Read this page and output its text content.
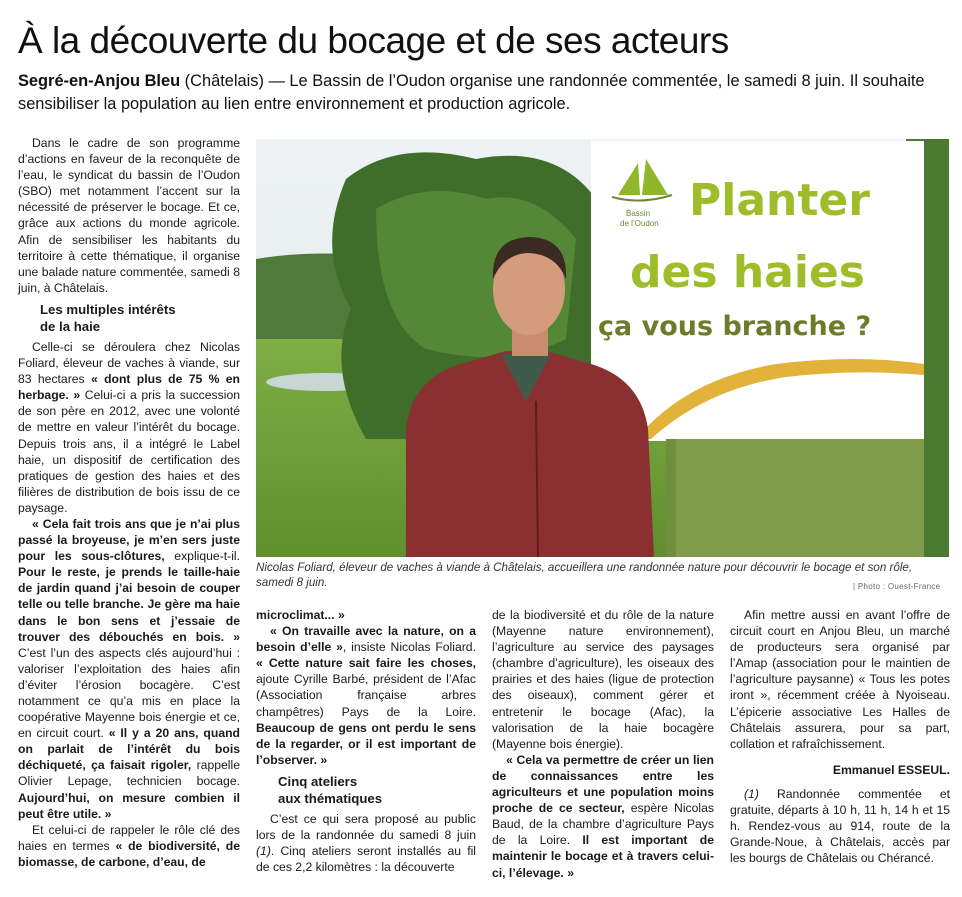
À la découverte du bocage et de ses acteurs

Segré-en-Anjou Bleu (Châtelais) — Le Bassin de l’Oudon organise une randonnée commentée, le samedi 8 juin. Il souhaite sensibiliser la population au lien entre environnement et production agricole.

Dans le cadre de son programme d’actions en faveur de la reconquête de l’eau, le syndicat du bassin de l’Oudon (SBO) met notamment l’accent sur la nécessité de préserver le bocage. Et ce, grâce aux actions du monde agricole. Afin de sensibiliser les habitants du territoire à cette thématique, il organise une balade nature commentée, samedi 8 juin, à Châtelais.

Les multiples intérêts
de la haie

Celle-ci se déroulera chez Nicolas Foliard, éleveur de vaches à viande, sur 83 hectares « dont plus de 75 % en herbage. » Celui-ci a pris la succession de son père en 2012, avec une volonté de mettre en valeur l’intérêt du bocage. Depuis trois ans, il a intégré le Label haie, un dispositif de certification des pratiques de gestion des haies et des filières de distribution de bois issu de ce paysage.

« Cela fait trois ans que je n’ai plus passé la broyeuse, je m’en sers juste pour les sous-clôtures, explique-t-il. Pour le reste, je prends le taille-haie de jardin quand j’ai besoin de couper telle ou telle branche. Je gère ma haie dans le bon sens et j’essaie de trouver des débouchés en bois. » C’est l’un des aspects clés aujourd’hui : valoriser l’exploitation des haies afin d’éviter l’érosion bocagère. C’est notamment ce qu’a mis en place la coopérative Mayenne bois énergie et ce, en circuit court. « Il y a 20 ans, quand on parlait de l’intérêt du bois déchiqueté, ça faisait rigoler, rappelle Olivier Lepage, technicien bocage. Aujourd’hui, on mesure combien il peut être utile. »

Et celui-ci de rappeler le rôle clé des haies en termes « de biodiversité, de biomasse, de carbone, d’eau, de

Bassin
de l’Oudon Planter
des haies
ça vous branche ?
Nicolas Foliard, éleveur de vaches à viande à Châtelais, accueillera une randonnée nature pour découvrir le bocage et son rôle, samedi 8 juin.	| Photo : Ouest-France

microclimat... »

« On travaille avec la nature, on a besoin d’elle », insiste Nicolas Foliard. « Cette nature sait faire les choses, ajoute Cyrille Barbé, président de l’Afac (Association française arbres champêtres) Pays de la Loire. Beaucoup de gens ont perdu le sens de la regarder, or il est important de l’observer. »

Cinq ateliers
aux thématiques

C’est ce qui sera proposé au public lors de la randonnée du samedi 8 juin (1). Cinq ateliers seront installés au fil de ces 2,2 kilomètres : la découverte

de la biodiversité et du rôle de la nature (Mayenne nature environnement), l’agriculture au service des paysages (chambre d’agriculture), les oiseaux des prairies et des haies (ligue de protection des oiseaux), comment gérer et entretenir le bocage (Afac), la valorisation de la haie bocagère (Mayenne bois énergie).

« Cela va permettre de créer un lien de connaissances entre les agriculteurs et une population moins proche de ce secteur, espère Nicolas Baud, de la chambre d’agriculture Pays de la Loire. Il est important de maintenir le bocage et à travers celui-ci, l’élevage. »

Afin mettre aussi en avant l’offre de circuit court en Anjou Bleu, un marché de producteurs sera organisé par l’Amap (association pour le maintien de l’agriculture paysanne) « Tous les potes iront », récemment créée à Nyoiseau. L’épicerie associative Les Halles de Châtelais assurera, pour sa part, collation et rafraîchissement.

Emmanuel ESSEUL.

(1) Randonnée commentée et gratuite, départs à 10 h, 11 h, 14 h et 15 h. Rendez-vous au 914, route de la Grande-Noue, à Châtelais, accès par les bourgs de Châtelais ou Chérancé.
